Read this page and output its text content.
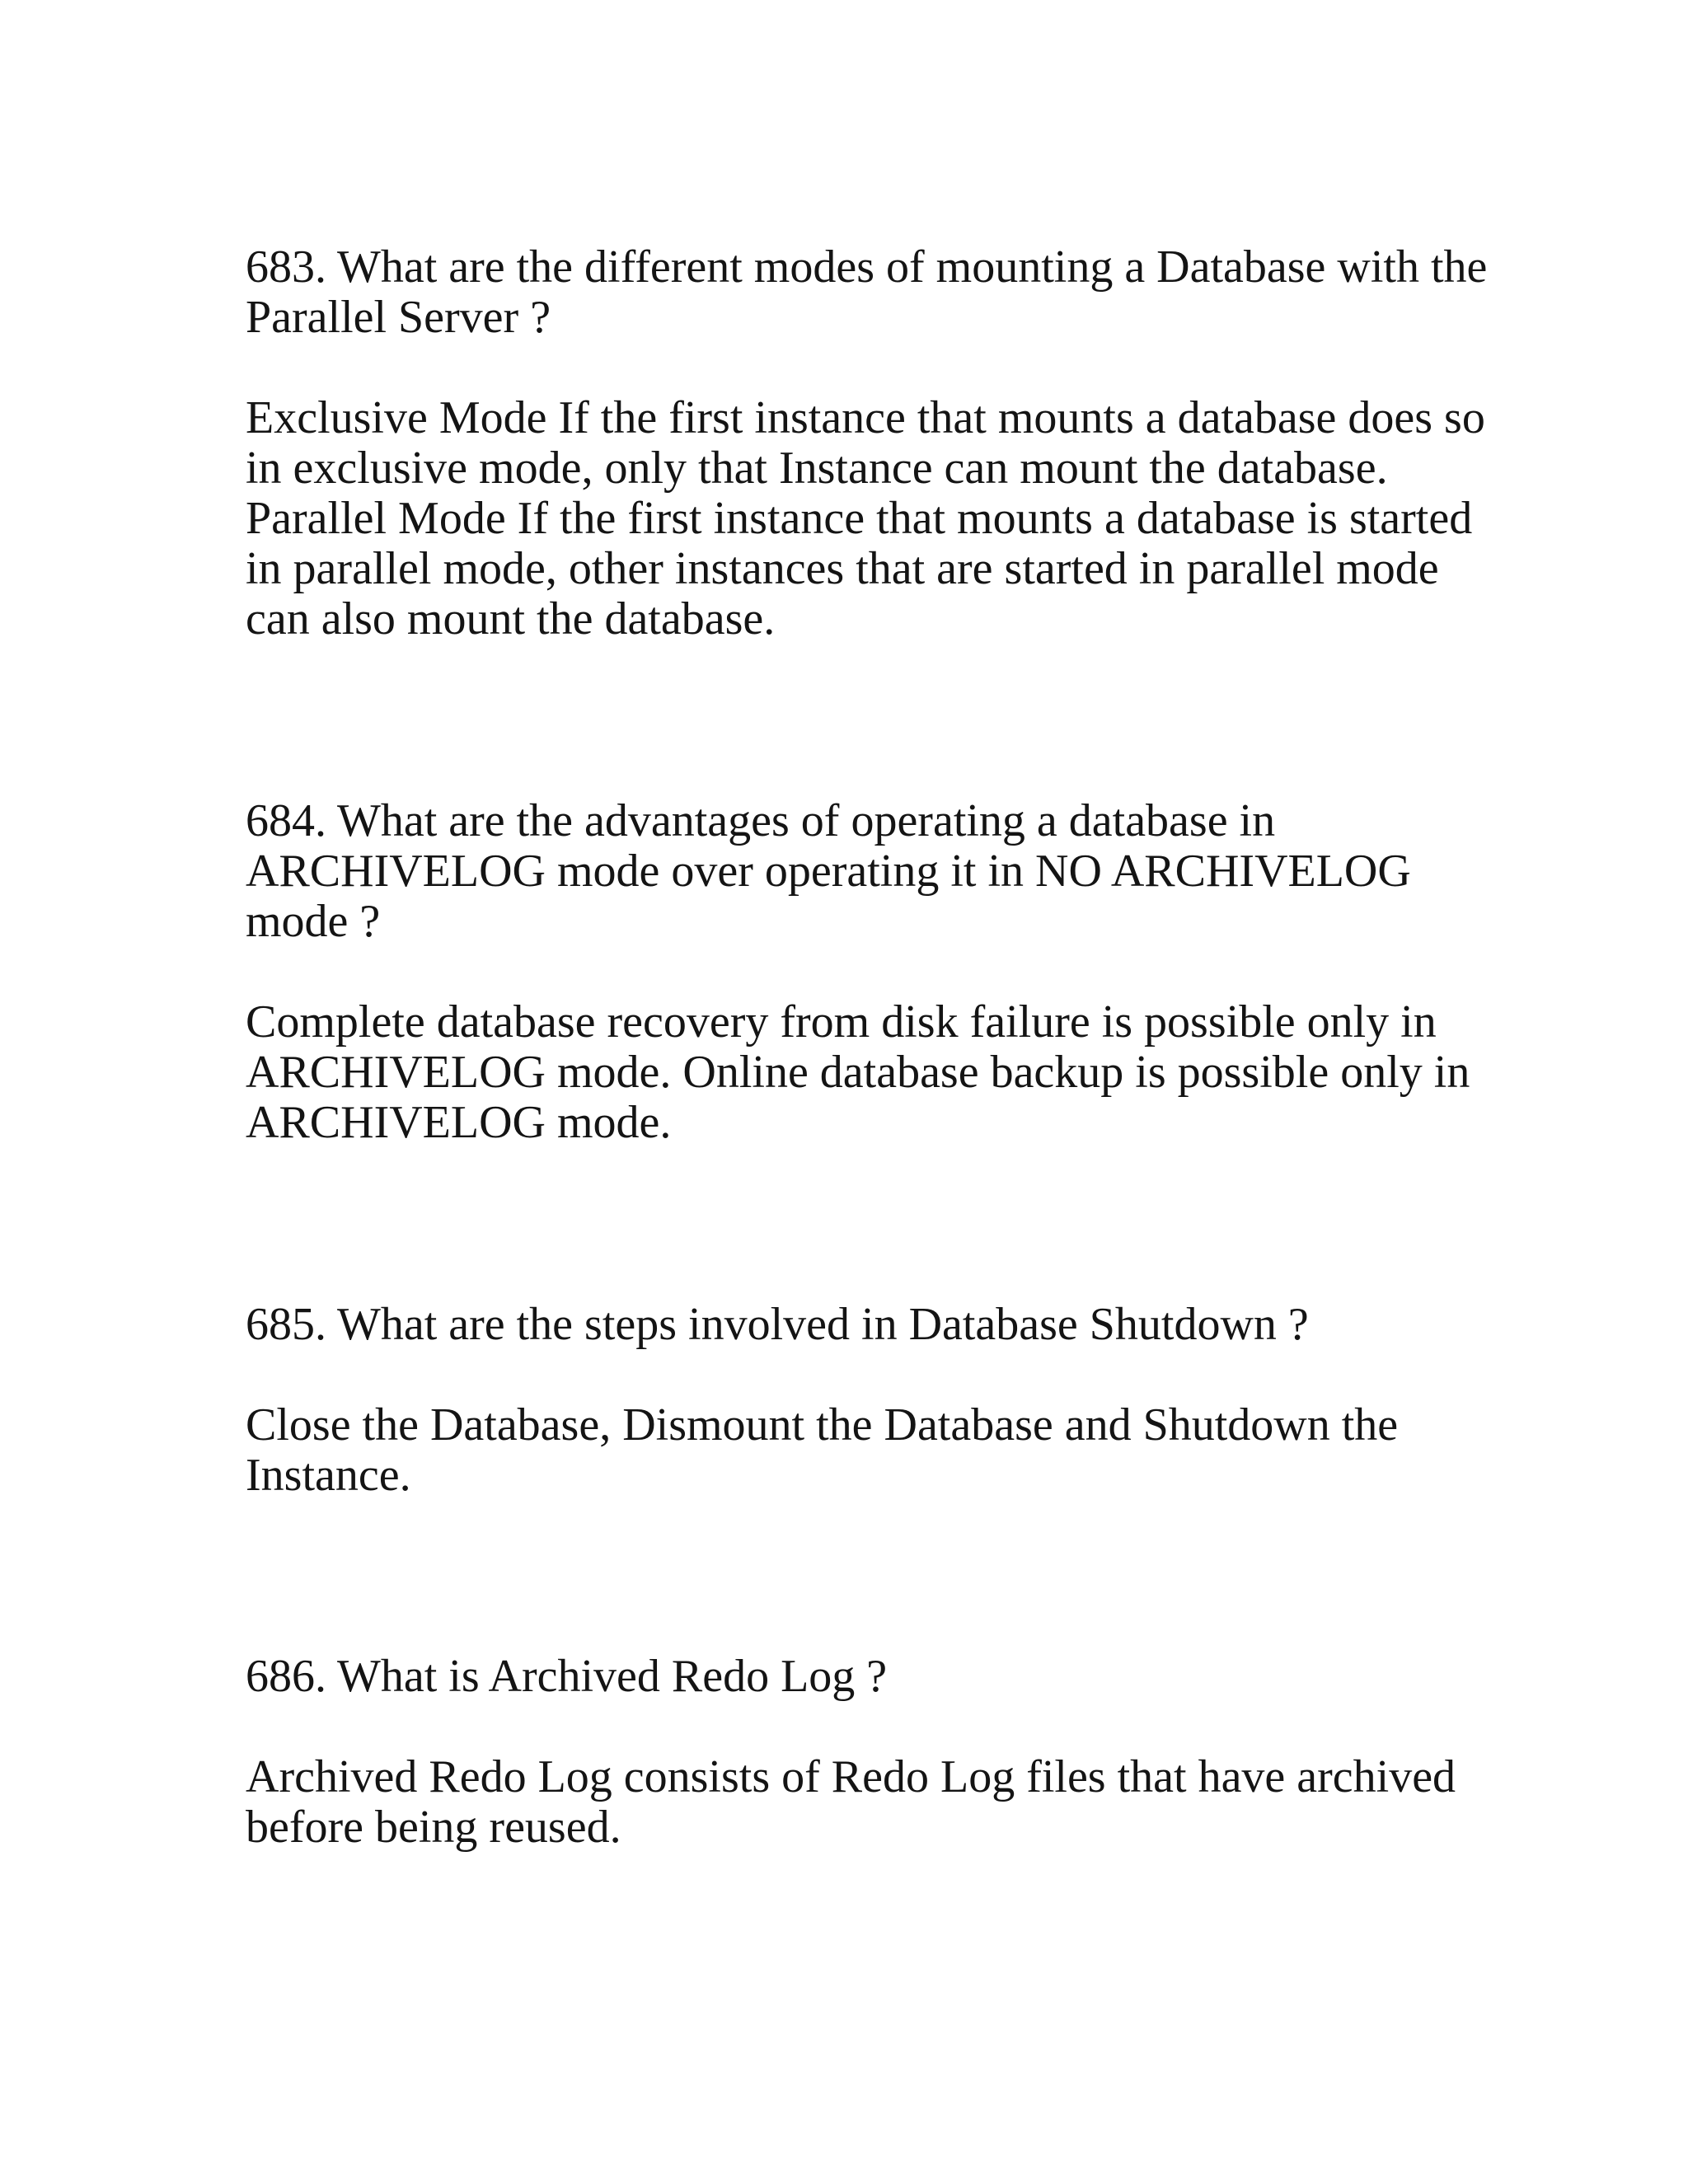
683. What are the different modes of mounting a Database with the

Parallel Server ?

Exclusive Mode If the first instance that mounts a database does so

in exclusive mode, only that Instance can mount the database.

Parallel Mode If the first instance that mounts a database is started

in parallel mode, other instances that are started in parallel mode

can also mount the database.

684. What are the advantages of operating a database in

ARCHIVELOG mode over operating it in NO ARCHIVELOG

mode ?

Complete database recovery from disk failure is possible only in

ARCHIVELOG mode. Online database backup is possible only in

ARCHIVELOG mode.

685. What are the steps involved in Database Shutdown ?

Close the Database, Dismount the Database and Shutdown the

Instance.

686. What is Archived Redo Log ?

Archived Redo Log consists of Redo Log files that have archived

before being reused.
